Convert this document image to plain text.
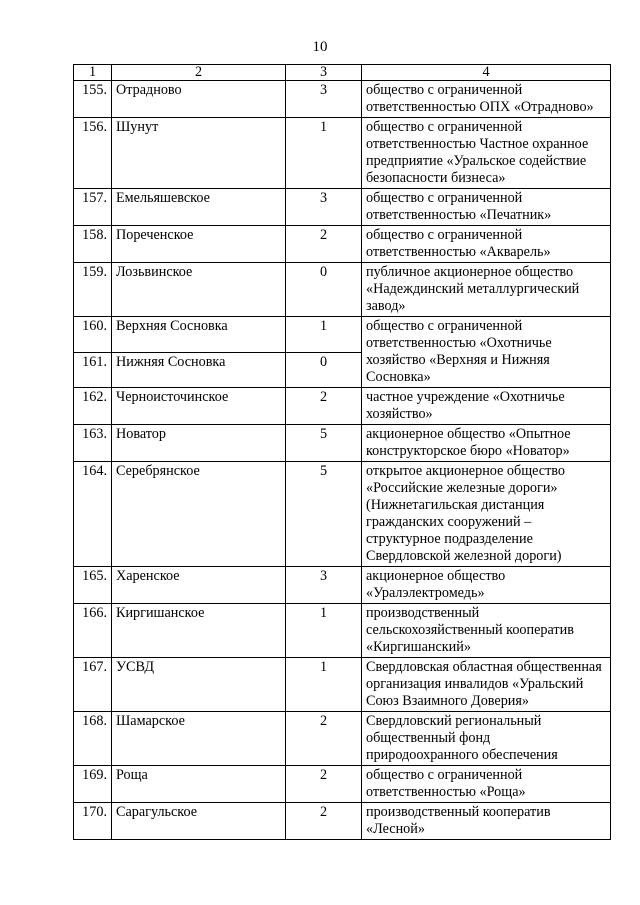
10
1	2	3	4
155.	Отрадново	3	общество с ограниченной ответственностью ОПХ «Отрадново»
156.	Шунут	1	общество с ограниченной ответственностью Частное охранное предприятие «Уральское содействие безопасности бизнеса»
157.	Емельяшевское	3	общество с ограниченной ответственностью «Печатник»
158.	Пореченское	2	общество с ограниченной ответственностью «Акварель»
159.	Лозьвинское	0	публичное акционерное общество «Надеждинский металлургический завод»
160.	Верхняя Сосновка	1	общество с ограниченной ответственностью «Охотничье хозяйство «Верхняя и Нижняя Сосновка»
161.	Нижняя Сосновка	0	
162.	Черноисточинское	2	частное учреждение «Охотничье хозяйство»
163.	Новатор	5	акционерное общество «Опытное конструкторское бюро «Новатор»
164.	Серебрянское	5	открытое акционерное общество «Российские железные дороги» (Нижнетагильская дистанция гражданских сооружений – структурное подразделение Свердловской железной дороги)
165.	Харенское	3	акционерное общество «Уралэлектромедь»
166.	Киргишанское	1	производственный сельскохозяйственный кооператив «Киргишанский»
167.	УСВД	1	Свердловская областная общественная организация инвалидов «Уральский Союз Взаимного Доверия»
168.	Шамарское	2	Свердловский региональный общественный фонд природоохранного обеспечения
169.	Роща	2	общество с ограниченной ответственностью «Роща»
170.	Сарагульское	2	производственный кооператив «Лесной»
